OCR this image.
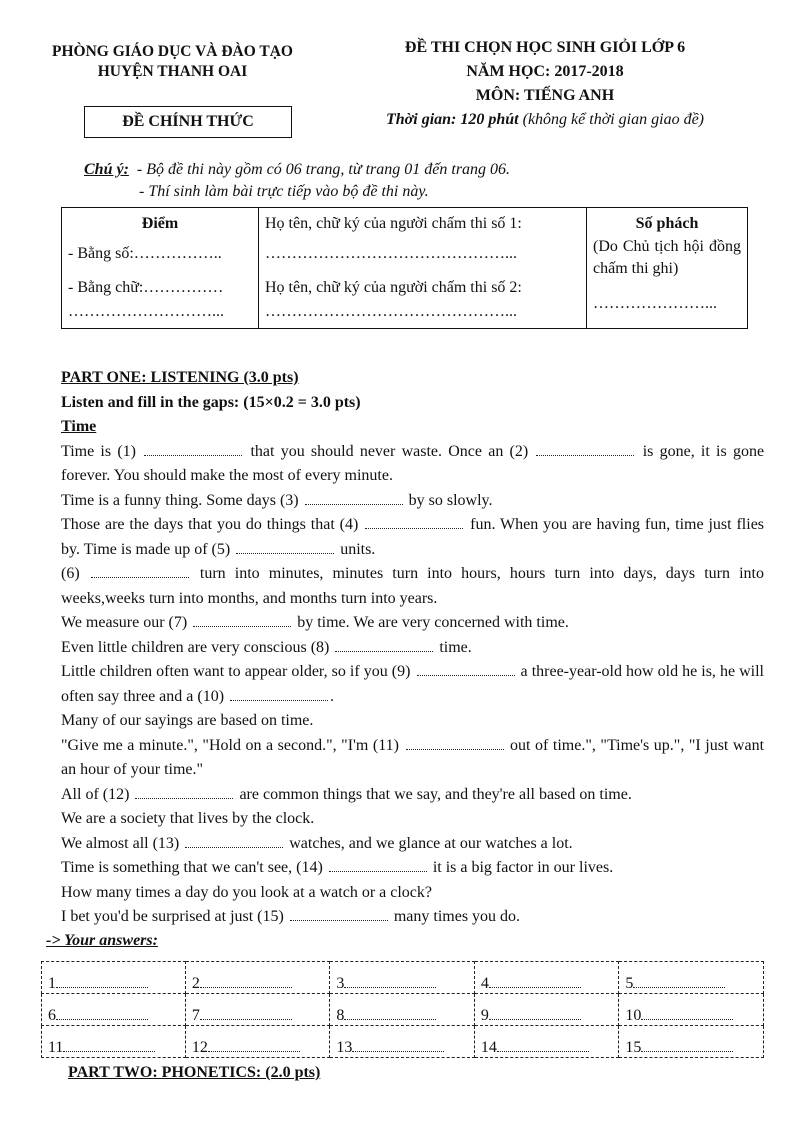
PHÒNG GIÁO DỤC VÀ ĐÀO TẠO
HUYỆN THANH OAI
ĐỀ THI CHỌN HỌC SINH GIỎI LỚP 6
NĂM HỌC: 2017-2018
MÔN: TIẾNG ANH
Thời gian: 120 phút (không kể thời gian giao đề)
ĐỀ CHÍNH THỨC
Chú ý: - Bộ đề thi này gồm có 06 trang, từ trang 01 đến trang 06.
- Thí sinh làm bài trực tiếp vào bộ đề thi này.
Điểm
- Bằng số:……………..
- Bằng chữ:……………
………………………...

Họ tên, chữ ký của người chấm thi số 1:
………………………………………...
Họ tên, chữ ký của người chấm thi số 2:
………………………………………...

Số phách
(Do Chủ tịch hội đồng chấm thi ghi)
…………………...

PART ONE: LISTENING (3.0 pts)

Listen and fill in the gaps: (15×0.2 = 3.0 pts)

Time

Time is (1)	that you should never waste. Once an (2)	is gone, it is gone forever. You should make the most of every minute.

Time is a funny thing. Some days (3)	by so slowly.

Those are the days that you do things that (4)	fun. When you are having fun, time just flies by. Time is made up of (5)	units.

(6)	turn into minutes, minutes turn into hours, hours turn into days, days turn into weeks,weeks turn into months, and months turn into years.

We measure our (7)	by time. We are very concerned with time.

Even little children are very conscious (8)	time.

Little children often want to appear older, so if you (9)	a three-year-old how old he is, he will often say three and a (10)	.

Many of our sayings are based on time.

"Give me a minute.", "Hold on a second.", "I'm (11)	out of time.", "Time's up.", "I just want an hour of your time."

All of (12)	are common things that we say, and they're all based on time.

We are a society that lives by the clock.

We almost all (13)	watches, and we glance at our watches a lot.

Time is something that we can't see, (14)	it is a big factor in our lives.

How many times a day do you look at a watch or a clock?

I bet you'd be surprised at just (15)	many times you do.

-> Your answers:
1	2	3	4	5
6	7	8	9	10
11	12	13	14	15
PART TWO: PHONETICS: (2.0 pts)
